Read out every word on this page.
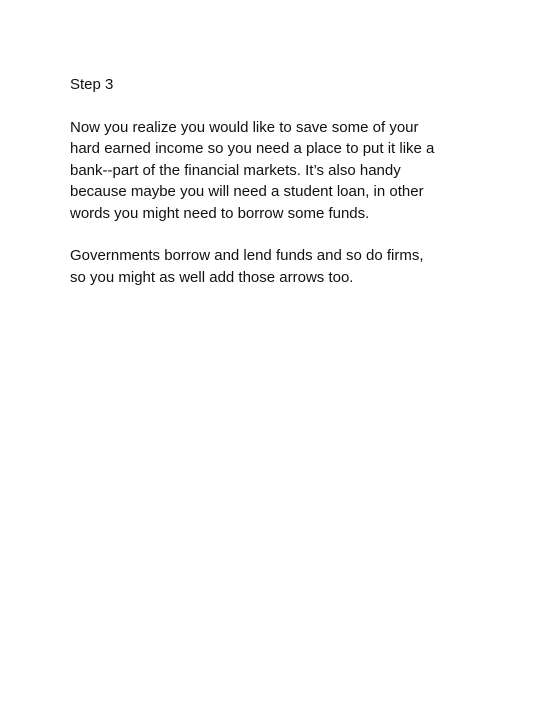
Step 3
Now you realize you would like to save some of your
hard earned income so you need a place to put it like a
bank--part of the financial markets. It’s also handy
because maybe you will need a student loan, in other
words you might need to borrow some funds.
Governments borrow and lend funds and so do firms,
so you might as well add those arrows too.
